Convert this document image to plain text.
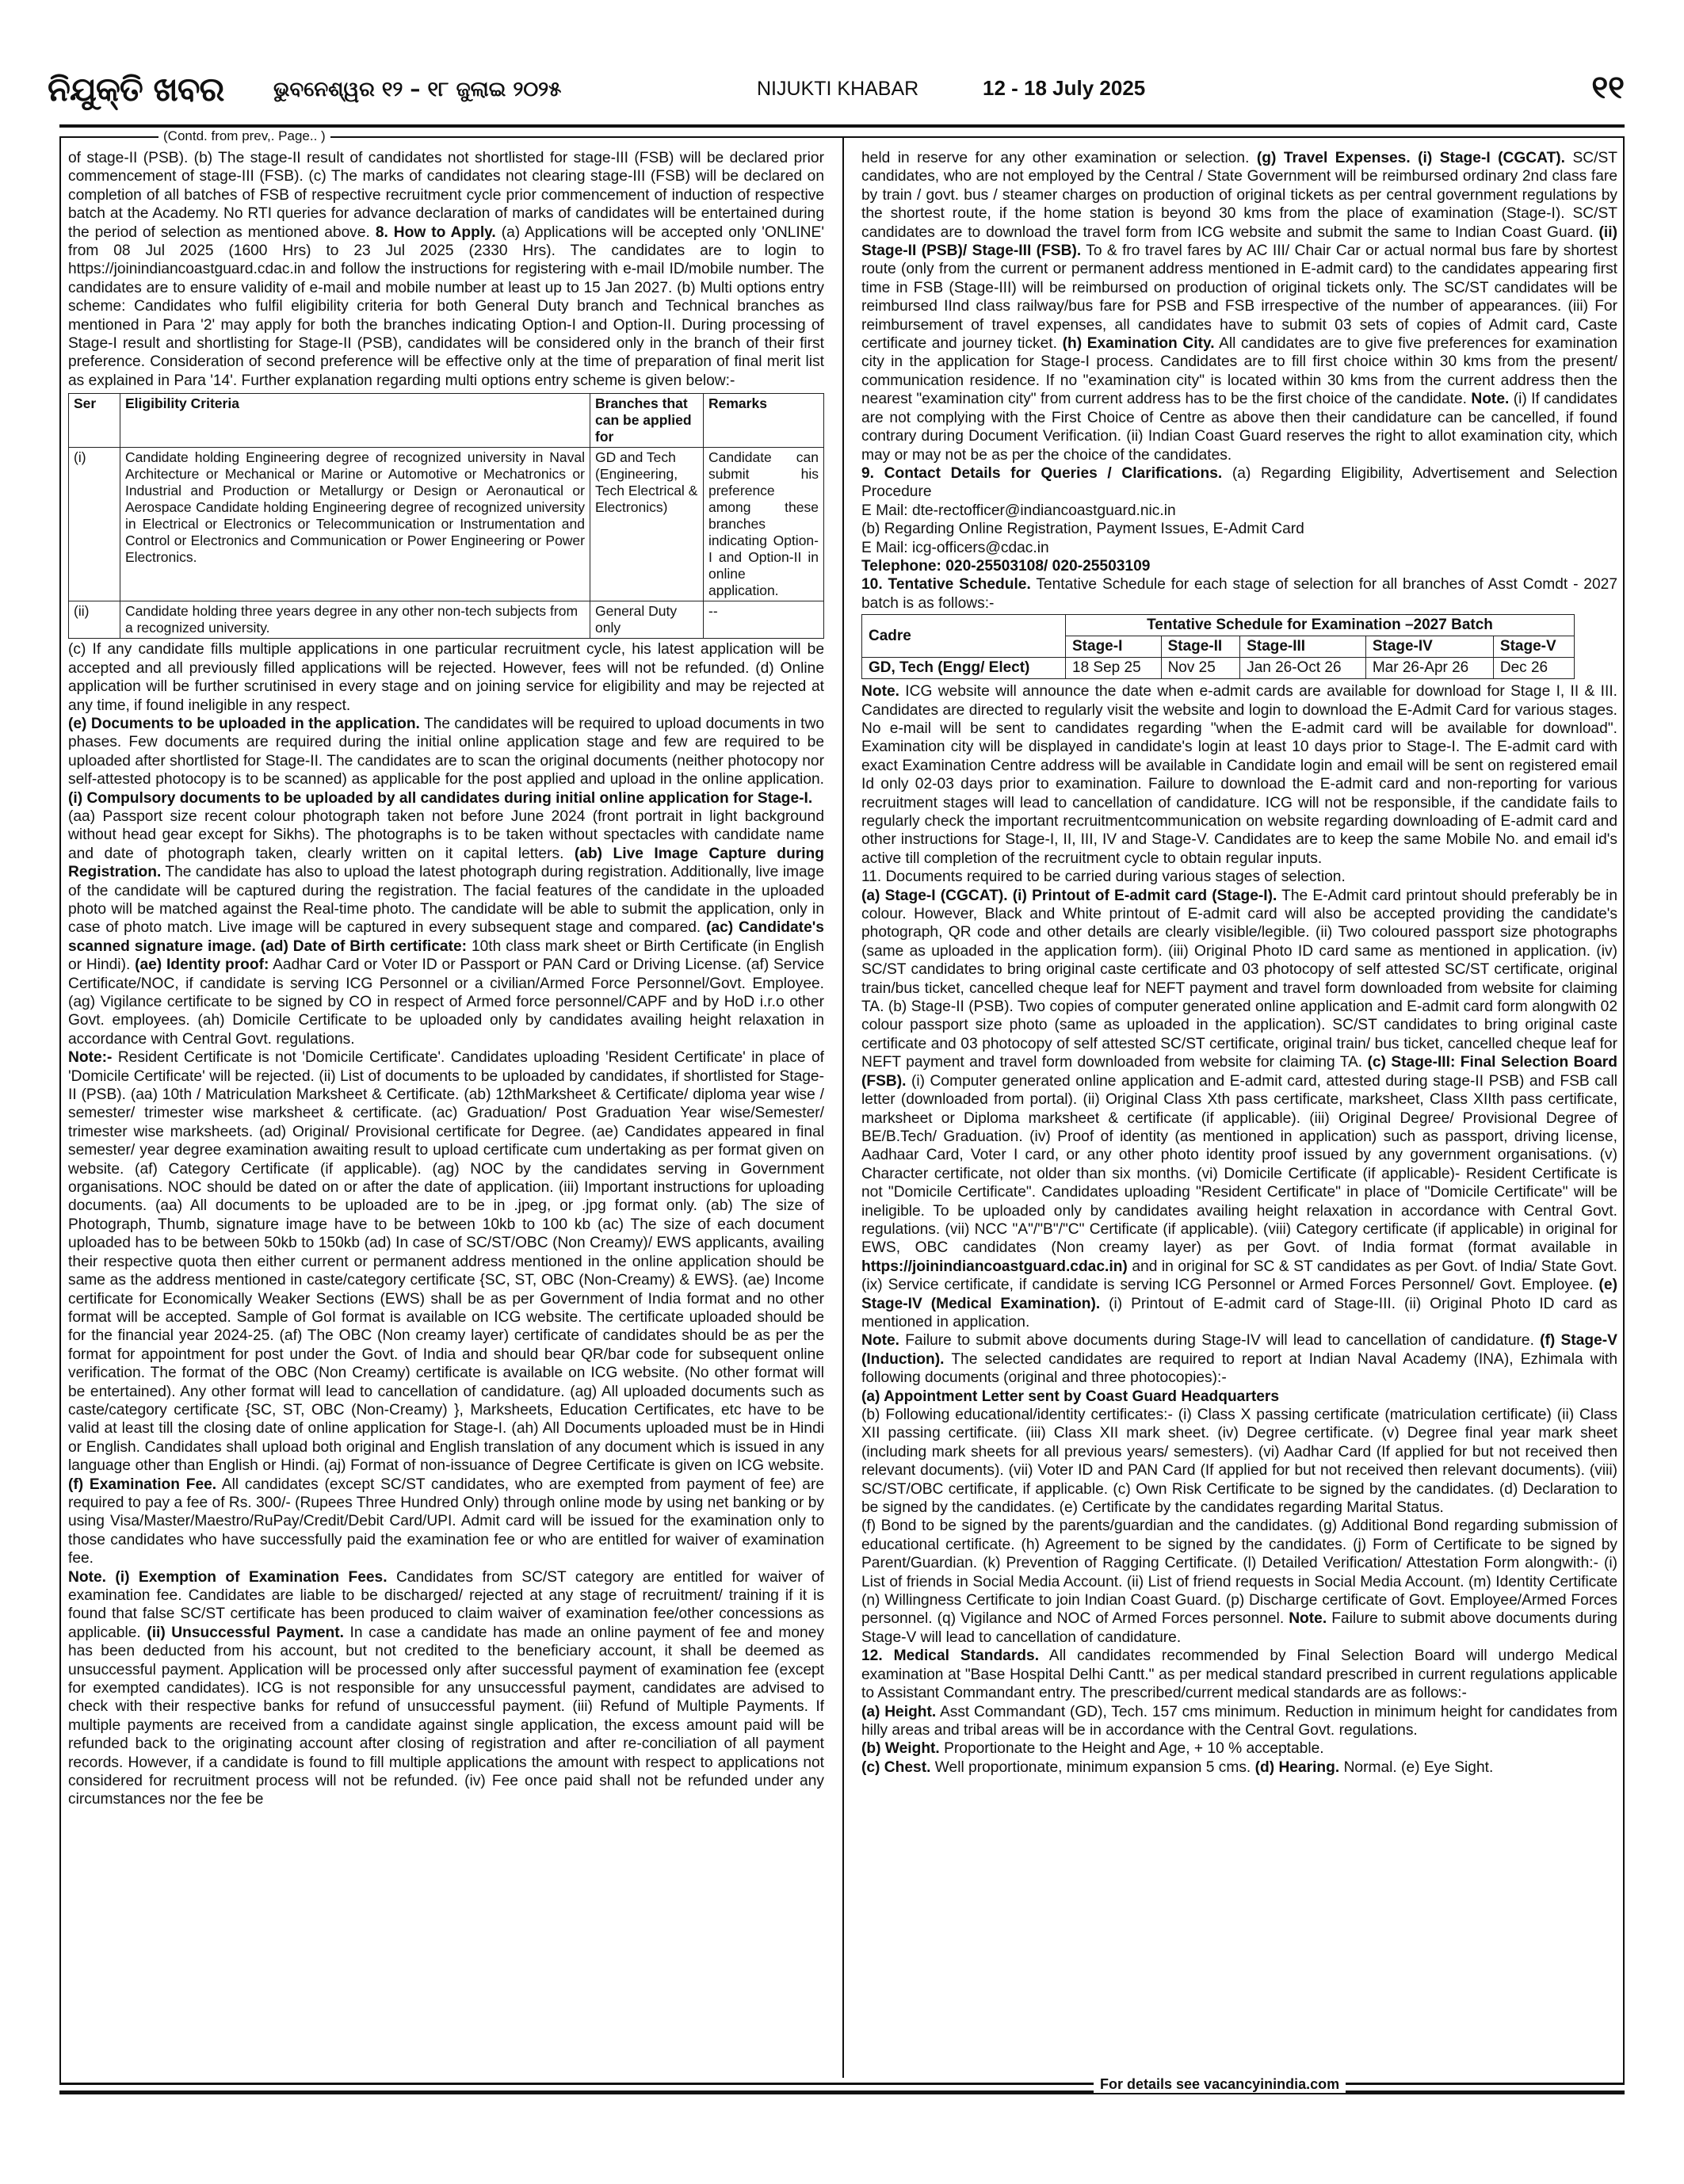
ନିଯୁକ୍ତି ଖବର ଭୁବନେଶ୍ୱର ୧୨ – ୧୮ ଜୁଲାଇ ୨୦୨୫	NIJUKTI KHABAR	12 - 18 July 2025	୧୧
(Contd. from prev,. Page.. )

of stage-II (PSB). (b) The stage-II result of candidates not shortlisted for stage-III (FSB) will be declared prior commencement of stage-III (FSB). (c) The marks of candidates not clearing stage-III (FSB) will be declared on completion of all batches of FSB of respective recruitment cycle prior commencement of induction of respective batch at the Academy. No RTI queries for advance declaration of marks of candidates will be entertained during the period of selection as mentioned above. 8. How to Apply. (a) Applications will be accepted only 'ONLINE' from 08 Jul 2025 (1600 Hrs) to 23 Jul 2025 (2330 Hrs). The candidates are to login to https://joinindiancoastguard.cdac.in and follow the instructions for registering with e-mail ID/mobile number. The candidates are to ensure validity of e-mail and mobile number at least up to 15 Jan 2027. (b) Multi options entry scheme: Candidates who fulfil eligibility criteria for both General Duty branch and Technical branches as mentioned in Para '2' may apply for both the branches indicating Option-I and Option-II. During processing of Stage-I result and shortlisting for Stage-II (PSB), candidates will be considered only in the branch of their first preference. Consideration of second preference will be effective only at the time of preparation of final merit list as explained in Para '14'. Further explanation regarding multi options entry scheme is given below:-

Ser	Eligibility Criteria	Branches that can be applied for	Remarks
(i)	Candidate holding Engineering degree of recognized university in Naval Architecture or Mechanical or Marine or Automotive or Mechatronics or Industrial and Production or Metallurgy or Design or Aeronautical or Aerospace Candidate holding Engineering degree of recognized university in Electrical or Electronics or Telecommunication or Instrumentation and Control or Electronics and Communication or Power Engineering or Power Electronics.	GD and Tech (Engineering, Tech Electrical & Electronics)	Candidate can submit his preference among these branches indicating Option-I and Option-II in online application.
(ii)	Candidate holding three years degree in any other non-tech subjects from a recognized university.	General Duty only	--

(c) If any candidate fills multiple applications in one particular recruitment cycle, his latest application will be accepted and all previously filled applications will be rejected. However, fees will not be refunded. (d) Online application will be further scrutinised in every stage and on joining service for eligibility and may be rejected at any time, if found ineligible in any respect.

(e) Documents to be uploaded in the application. The candidates will be required to upload documents in two phases. Few documents are required during the initial online application stage and few are required to be uploaded after shortlisted for Stage-II. The candidates are to scan the original documents (neither photocopy nor self-attested photocopy is to be scanned) as applicable for the post applied and upload in the online application. (i) Compulsory documents to be uploaded by all candidates during initial online application for Stage-I.

(aa) Passport size recent colour photograph taken not before June 2024 (front portrait in light background without head gear except for Sikhs). The photographs is to be taken without spectacles with candidate name and date of photograph taken, clearly written on it capital letters. (ab) Live Image Capture during Registration. The candidate has also to upload the latest photograph during registration. Additionally, live image of the candidate will be captured during the registration. The facial features of the candidate in the uploaded photo will be matched against the Real-time photo. The candidate will be able to submit the application, only in case of photo match. Live image will be captured in every subsequent stage and compared. (ac) Candidate's scanned signature image. (ad) Date of Birth certificate: 10th class mark sheet or Birth Certificate (in English or Hindi). (ae) Identity proof: Aadhar Card or Voter ID or Passport or PAN Card or Driving License. (af) Service Certificate/NOC, if candidate is serving ICG Personnel or a civilian/Armed Force Personnel/Govt. Employee. (ag) Vigilance certificate to be signed by CO in respect of Armed force personnel/CAPF and by HoD i.r.o other Govt. employees. (ah) Domicile Certificate to be uploaded only by candidates availing height relaxation in accordance with Central Govt. regulations.

Note:- Resident Certificate is not 'Domicile Certificate'. Candidates uploading 'Resident Certificate' in place of 'Domicile Certificate' will be rejected. (ii) List of documents to be uploaded by candidates, if shortlisted for Stage-II (PSB). (aa) 10th / Matriculation Marksheet & Certificate. (ab) 12thMarksheet & Certificate/ diploma year wise / semester/ trimester wise marksheet & certificate. (ac) Graduation/ Post Graduation Year wise/Semester/ trimester wise marksheets. (ad) Original/ Provisional certificate for Degree. (ae) Candidates appeared in final semester/ year degree examination awaiting result to upload certificate cum undertaking as per format given on website. (af) Category Certificate (if applicable). (ag) NOC by the candidates serving in Government organisations. NOC should be dated on or after the date of application. (iii) Important instructions for uploading documents. (aa) All documents to be uploaded are to be in .jpeg, or .jpg format only. (ab) The size of Photograph, Thumb, signature image have to be between 10kb to 100 kb (ac) The size of each document uploaded has to be between 50kb to 150kb (ad) In case of SC/ST/OBC (Non Creamy)/ EWS applicants, availing their respective quota then either current or permanent address mentioned in the online application should be same as the address mentioned in caste/category certificate {SC, ST, OBC (Non-Creamy) & EWS}. (ae) Income certificate for Economically Weaker Sections (EWS) shall be as per Government of India format and no other format will be accepted. Sample of GoI format is available on ICG website. The certificate uploaded should be for the financial year 2024-25. (af) The OBC (Non creamy layer) certificate of candidates should be as per the format for appointment for post under the Govt. of India and should bear QR/bar code for subsequent online verification. The format of the OBC (Non Creamy) certificate is available on ICG website. (No other format will be entertained). Any other format will lead to cancellation of candidature. (ag) All uploaded documents such as caste/category certificate {SC, ST, OBC (Non-Creamy) }, Marksheets, Education Certificates, etc have to be valid at least till the closing date of online application for Stage-I. (ah) All Documents uploaded must be in Hindi or English. Candidates shall upload both original and English translation of any document which is issued in any language other than English or Hindi. (aj) Format of non-issuance of Degree Certificate is given on ICG website. (f) Examination Fee. All candidates (except SC/ST candidates, who are exempted from payment of fee) are required to pay a fee of Rs. 300/- (Rupees Three Hundred Only) through online mode by using net banking or by using Visa/Master/Maestro/RuPay/Credit/Debit Card/UPI. Admit card will be issued for the examination only to those candidates who have successfully paid the examination fee or who are entitled for waiver of examination fee.

Note. (i) Exemption of Examination Fees. Candidates from SC/ST category are entitled for waiver of examination fee. Candidates are liable to be discharged/ rejected at any stage of recruitment/ training if it is found that false SC/ST certificate has been produced to claim waiver of examination fee/other concessions as applicable. (ii) Unsuccessful Payment. In case a candidate has made an online payment of fee and money has been deducted from his account, but not credited to the beneficiary account, it shall be deemed as unsuccessful payment. Application will be processed only after successful payment of examination fee (except for exempted candidates). ICG is not responsible for any unsuccessful payment, candidates are advised to check with their respective banks for refund of unsuccessful payment. (iii) Refund of Multiple Payments. If multiple payments are received from a candidate against single application, the excess amount paid will be refunded back to the originating account after closing of registration and after re-conciliation of all payment records. However, if a candidate is found to fill multiple applications the amount with respect to applications not considered for recruitment process will not be refunded. (iv) Fee once paid shall not be refunded under any circumstances nor the fee be

held in reserve for any other examination or selection. (g) Travel Expenses. (i) Stage-I (CGCAT). SC/ST candidates, who are not employed by the Central / State Government will be reimbursed ordinary 2nd class fare by train / govt. bus / steamer charges on production of original tickets as per central government regulations by the shortest route, if the home station is beyond 30 kms from the place of examination (Stage-I). SC/ST candidates are to download the travel form from ICG website and submit the same to Indian Coast Guard. (ii) Stage-II (PSB)/ Stage-III (FSB). To & fro travel fares by AC III/ Chair Car or actual normal bus fare by shortest route (only from the current or permanent address mentioned in E-admit card) to the candidates appearing first time in FSB (Stage-III) will be reimbursed on production of original tickets only. The SC/ST candidates will be reimbursed IInd class railway/bus fare for PSB and FSB irrespective of the number of appearances. (iii) For reimbursement of travel expenses, all candidates have to submit 03 sets of copies of Admit card, Caste certificate and journey ticket. (h) Examination City. All candidates are to give five preferences for examination city in the application for Stage-I process. Candidates are to fill first choice within 30 kms from the present/ communication residence. If no "examination city" is located within 30 kms from the current address then the nearest "examination city" from current address has to be the first choice of the candidate. Note. (i) If candidates are not complying with the First Choice of Centre as above then their candidature can be cancelled, if found contrary during Document Verification. (ii) Indian Coast Guard reserves the right to allot examination city, which may or may not be as per the choice of the candidates.

9. Contact Details for Queries / Clarifications. (a) Regarding Eligibility, Advertisement and Selection Procedure

E Mail: dte-rectofficer@indiancoastguard.nic.in

(b) Regarding Online Registration, Payment Issues, E-Admit Card

E Mail: icg-officers@cdac.in

Telephone: 020-25503108/ 020-25503109

10. Tentative Schedule. Tentative Schedule for each stage of selection for all branches of Asst Comdt - 2027 batch is as follows:-

Cadre	Tentative Schedule for Examination –2027 Batch				
	Stage-I	Stage-II	Stage-III	Stage-IV	Stage-V
GD, Tech (Engg/ Elect)	18 Sep 25	Nov 25	Jan 26-Oct 26	Mar 26-Apr 26	Dec 26

Note. ICG website will announce the date when e-admit cards are available for download for Stage I, II & III. Candidates are directed to regularly visit the website and login to download the E-Admit Card for various stages. No e-mail will be sent to candidates regarding "when the E-admit card will be available for download". Examination city will be displayed in candidate's login at least 10 days prior to Stage-I. The E-admit card with exact Examination Centre address will be available in Candidate login and email will be sent on registered email Id only 02-03 days prior to examination. Failure to download the E-admit card and non-reporting for various recruitment stages will lead to cancellation of candidature. ICG will not be responsible, if the candidate fails to regularly check the important recruitmentcommunication on website regarding downloading of E-admit card and other instructions for Stage-I, II, III, IV and Stage-V. Candidates are to keep the same Mobile No. and email id's active till completion of the recruitment cycle to obtain regular inputs.

11. Documents required to be carried during various stages of selection.

(a) Stage-I (CGCAT). (i) Printout of E-admit card (Stage-I). The E-Admit card printout should preferably be in colour. However, Black and White printout of E-admit card will also be accepted providing the candidate's photograph, QR code and other details are clearly visible/legible. (ii) Two coloured passport size photographs (same as uploaded in the application form). (iii) Original Photo ID card same as mentioned in application. (iv) SC/ST candidates to bring original caste certificate and 03 photocopy of self attested SC/ST certificate, original train/bus ticket, cancelled cheque leaf for NEFT payment and travel form downloaded from website for claiming TA. (b) Stage-II (PSB). Two copies of computer generated online application and E-admit card form alongwith 02 colour passport size photo (same as uploaded in the application). SC/ST candidates to bring original caste certificate and 03 photocopy of self attested SC/ST certificate, original train/ bus ticket, cancelled cheque leaf for NEFT payment and travel form downloaded from website for claiming TA. (c) Stage-III: Final Selection Board (FSB). (i) Computer generated online application and E-admit card, attested during stage-II PSB) and FSB call letter (downloaded from portal). (ii) Original Class Xth pass certificate, marksheet, Class XIIth pass certificate, marksheet or Diploma marksheet & certificate (if applicable). (iii) Original Degree/ Provisional Degree of BE/B.Tech/ Graduation. (iv) Proof of identity (as mentioned in application) such as passport, driving license, Aadhaar Card, Voter I card, or any other photo identity proof issued by any government organisations. (v) Character certificate, not older than six months. (vi) Domicile Certificate (if applicable)- Resident Certificate is not "Domicile Certificate". Candidates uploading "Resident Certificate" in place of "Domicile Certificate" will be ineligible. To be uploaded only by candidates availing height relaxation in accordance with Central Govt. regulations. (vii) NCC "A"/"B"/"C" Certificate (if applicable). (viii) Category certificate (if applicable) in original for EWS, OBC candidates (Non creamy layer) as per Govt. of India format (format available in https://joinindiancoastguard.cdac.in) and in original for SC & ST candidates as per Govt. of India/ State Govt. (ix) Service certificate, if candidate is serving ICG Personnel or Armed Forces Personnel/ Govt. Employee. (e) Stage-IV (Medical Examination). (i) Printout of E-admit card of Stage-III. (ii) Original Photo ID card as mentioned in application.

Note. Failure to submit above documents during Stage-IV will lead to cancellation of candidature. (f) Stage-V (Induction). The selected candidates are required to report at Indian Naval Academy (INA), Ezhimala with following documents (original and three photocopies):-

(a) Appointment Letter sent by Coast Guard Headquarters

(b) Following educational/identity certificates:- (i) Class X passing certificate (matriculation certificate) (ii) Class XII passing certificate. (iii) Class XII mark sheet. (iv) Degree certificate. (v) Degree final year mark sheet (including mark sheets for all previous years/ semesters). (vi) Aadhar Card (If applied for but not received then relevant documents). (vii) Voter ID and PAN Card (If applied for but not received then relevant documents). (viii) SC/ST/OBC certificate, if applicable. (c) Own Risk Certificate to be signed by the candidates. (d) Declaration to be signed by the candidates. (e) Certificate by the candidates regarding Marital Status.

(f) Bond to be signed by the parents/guardian and the candidates. (g) Additional Bond regarding submission of educational certificate. (h) Agreement to be signed by the candidates. (j) Form of Certificate to be signed by Parent/Guardian. (k) Prevention of Ragging Certificate. (l) Detailed Verification/ Attestation Form alongwith:- (i) List of friends in Social Media Account. (ii) List of friend requests in Social Media Account. (m) Identity Certificate (n) Willingness Certificate to join Indian Coast Guard. (p) Discharge certificate of Govt. Employee/Armed Forces personnel. (q) Vigilance and NOC of Armed Forces personnel. Note. Failure to submit above documents during Stage-V will lead to cancellation of candidature.

12. Medical Standards. All candidates recommended by Final Selection Board will undergo Medical examination at "Base Hospital Delhi Cantt." as per medical standard prescribed in current regulations applicable to Assistant Commandant entry. The prescribed/current medical standards are as follows:-

(a) Height. Asst Commandant (GD), Tech. 157 cms minimum. Reduction in minimum height for candidates from hilly areas and tribal areas will be in accordance with the Central Govt. regulations.

(b) Weight. Proportionate to the Height and Age, + 10 % acceptable.

(c) Chest. Well proportionate, minimum expansion 5 cms. (d) Hearing. Normal. (e) Eye Sight.

For details see vacancyinindia.com
